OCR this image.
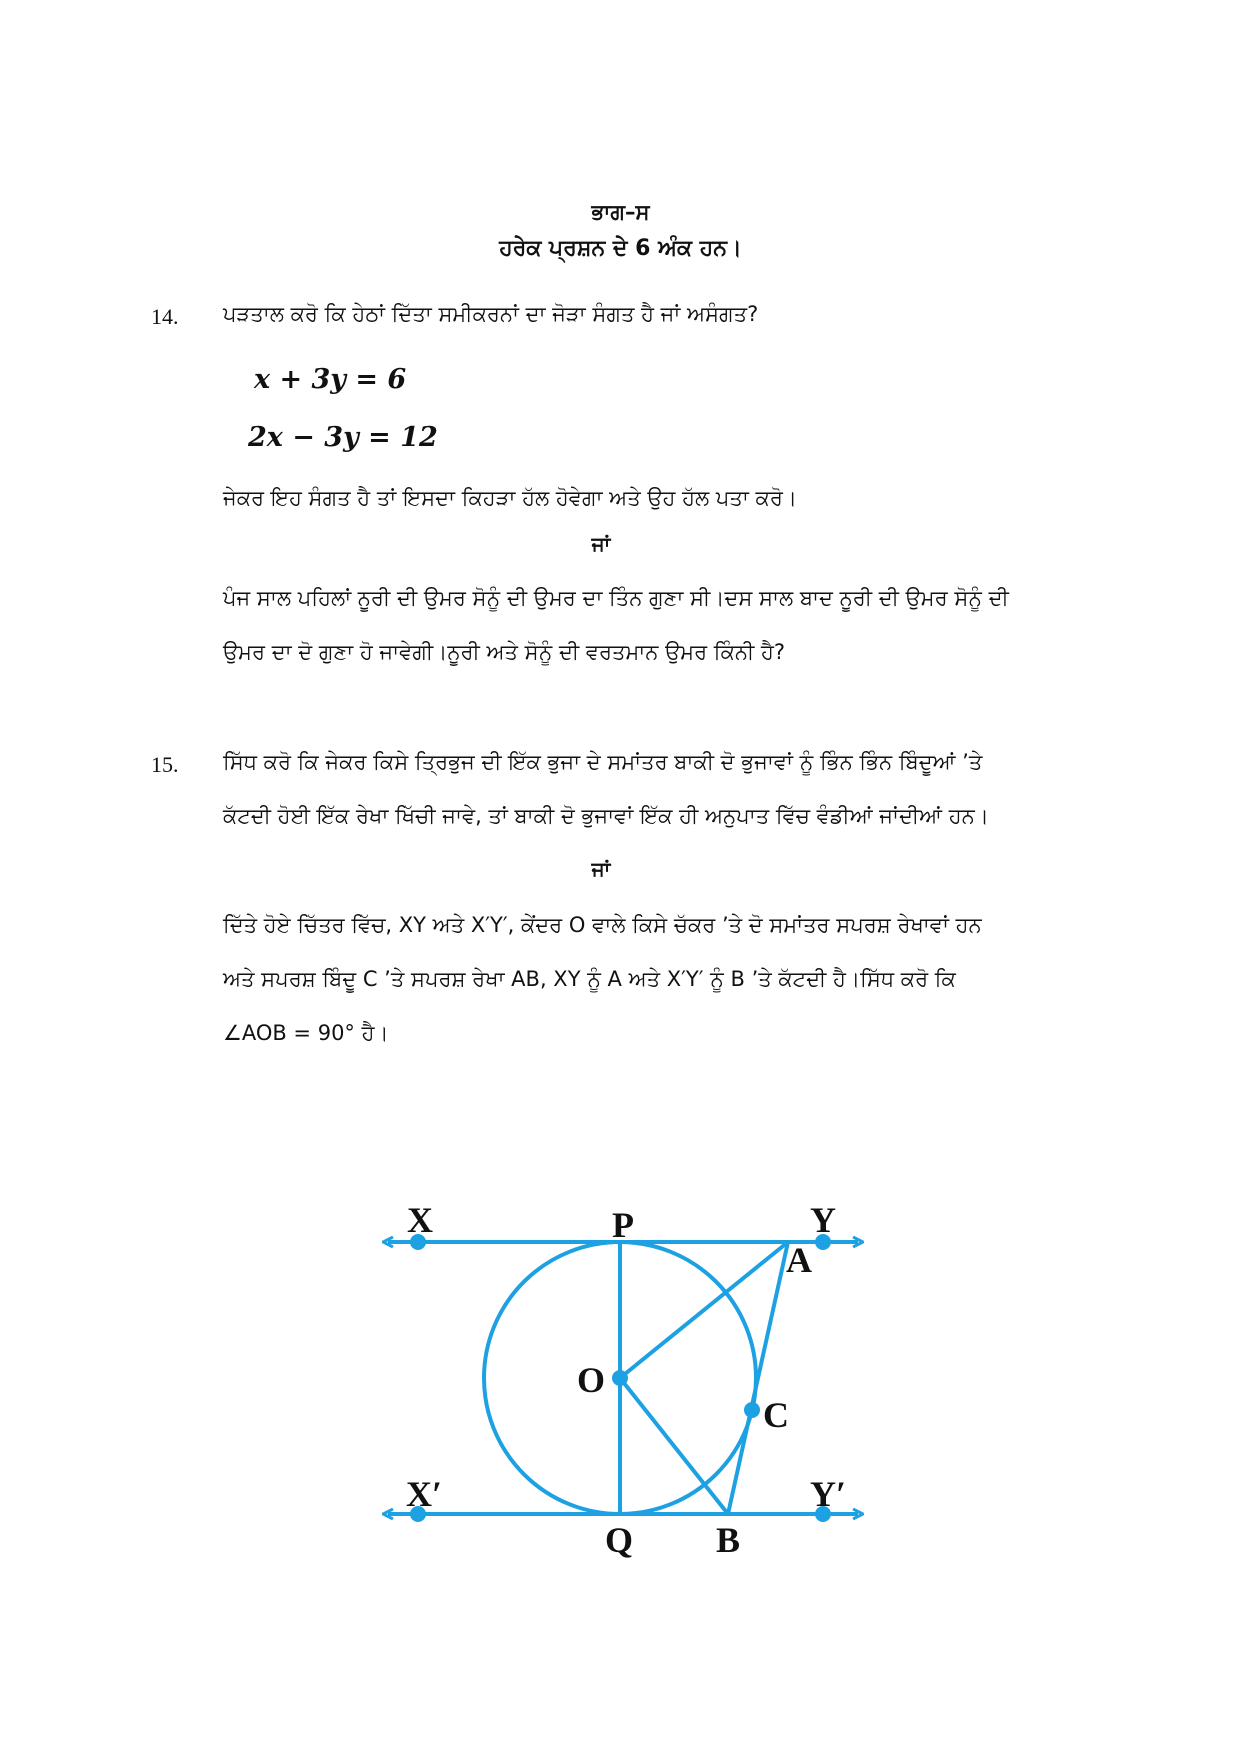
ਭਾਗ–ਸ
ਹਰੇਕ ਪ੍ਰਸ਼ਨ ਦੇ 6 ਅੰਕ ਹਨ।
14. ਪੜਤਾਲ ਕਰੋ ਕਿ ਹੇਠਾਂ ਦਿੱਤਾ ਸਮੀਕਰਨਾਂ ਦਾ ਜੋੜਾ ਸੰਗਤ ਹੈ ਜਾਂ ਅਸੰਗਤ?
x + 3y = 6
2x − 3y = 12
ਜੇਕਰ ਇਹ ਸੰਗਤ ਹੈ ਤਾਂ ਇਸਦਾ ਕਿਹੜਾ ਹੱਲ ਹੋਵੇਗਾ ਅਤੇ ਉਹ ਹੱਲ ਪਤਾ ਕਰੋ।
ਜਾਂ
ਪੰਜ ਸਾਲ ਪਹਿਲਾਂ ਨੂਰੀ ਦੀ ਉਮਰ ਸੋਨੂੰ ਦੀ ਉਮਰ ਦਾ ਤਿੰਨ ਗੁਣਾ ਸੀ।ਦਸ ਸਾਲ ਬਾਦ ਨੂਰੀ ਦੀ ਉਮਰ ਸੋਨੂੰ ਦੀ
ਉਮਰ ਦਾ ਦੋ ਗੁਣਾ ਹੋ ਜਾਵੇਗੀ।ਨੂਰੀ ਅਤੇ ਸੋਨੂੰ ਦੀ ਵਰਤਮਾਨ ਉਮਰ ਕਿੰਨੀ ਹੈ?
15. ਸਿੱਧ ਕਰੋ ਕਿ ਜੇਕਰ ਕਿਸੇ ਤ੍ਰਿਭੁਜ ਦੀ ਇੱਕ ਭੁਜਾ ਦੇ ਸਮਾਂਤਰ ਬਾਕੀ ਦੋ ਭੁਜਾਵਾਂ ਨੂੰ ਭਿੰਨ ਭਿੰਨ ਬਿੰਦੂਆਂ ’ਤੇ
ਕੱਟਦੀ ਹੋਈ ਇੱਕ ਰੇਖਾ ਖਿੱਚੀ ਜਾਵੇ, ਤਾਂ ਬਾਕੀ ਦੋ ਭੁਜਾਵਾਂ ਇੱਕ ਹੀ ਅਨੁਪਾਤ ਵਿੱਚ ਵੰਡੀਆਂ ਜਾਂਦੀਆਂ ਹਨ।
ਜਾਂ
ਦਿੱਤੇ ਹੋਏ ਚਿੱਤਰ ਵਿੱਚ, XY ਅਤੇ X′Y′, ਕੇਂਦਰ O ਵਾਲੇ ਕਿਸੇ ਚੱਕਰ ’ਤੇ ਦੋ ਸਮਾਂਤਰ ਸਪਰਸ਼ ਰੇਖਾਵਾਂ ਹਨ
ਅਤੇ ਸਪਰਸ਼ ਬਿੰਦੂ C ’ਤੇ ਸਪਰਸ਼ ਰੇਖਾ AB, XY ਨੂੰ A ਅਤੇ X′Y′ ਨੂੰ B ’ਤੇ ਕੱਟਦੀ ਹੈ।ਸਿੱਧ ਕਰੋ ਕਿ
∠AOB = 90° ਹੈ।
X	P	Y
A
O
C
X′	Y′
Q B
